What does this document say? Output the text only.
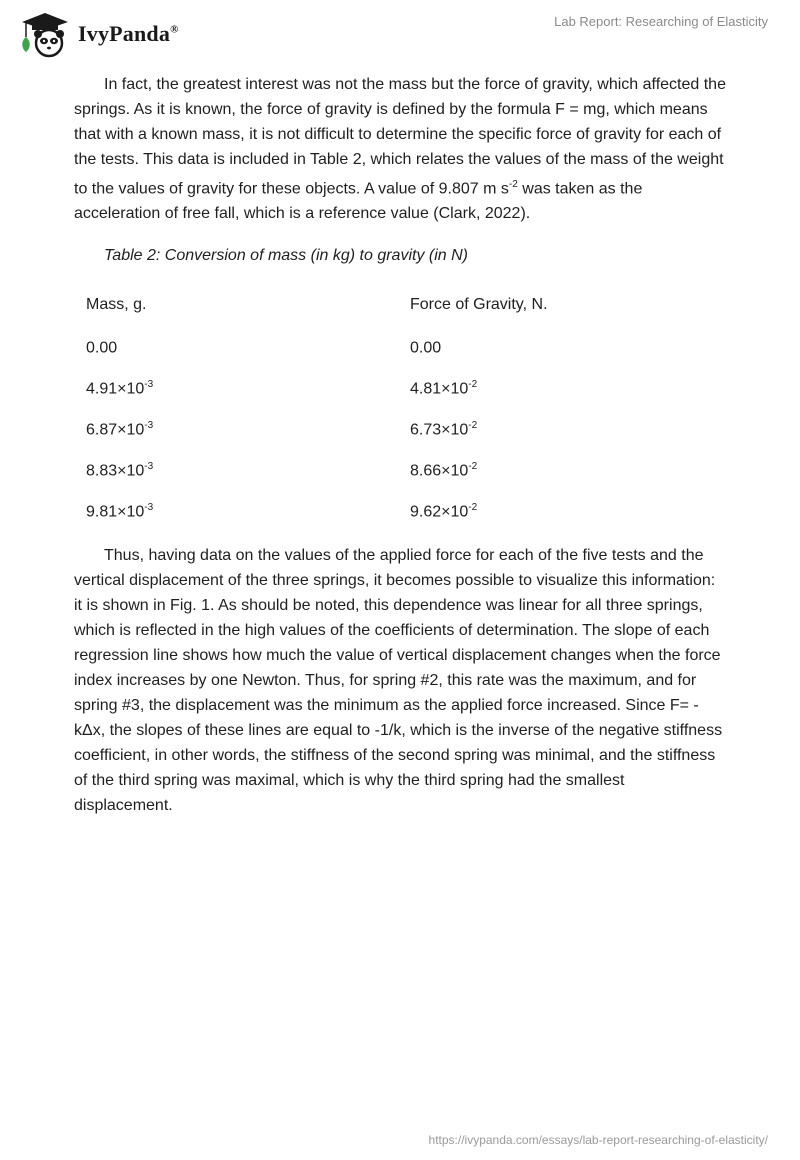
IvyPanda®
Lab Report: Researching of Elasticity

In fact, the greatest interest was not the mass but the force of gravity, which affected the springs. As it is known, the force of gravity is defined by the formula F = mg, which means that with a known mass, it is not difficult to determine the specific force of gravity for each of the tests. This data is included in Table 2, which relates the values of the mass of the weight to the values of gravity for these objects. A value of 9.807 m $s^{-2}$ was taken as the acceleration of free fall, which is a reference value (Clark, 2022).

Table 2: Conversion of mass (in kg) to gravity (in N)
Mass, g.	Force of Gravity, N.
0.00	0.00
$4.91\times 10^{-3}$	$4.81\times 10^{-2}$
$6.87\times 10^{-3}$	$6.73\times 10^{-2}$
$8.83\times 10^{-3}$	$8.66\times 10^{-2}$
$9.81\times 10^{-3}$	$9.62\times 10^{-2}$

Thus, having data on the values of the applied force for each of the five tests and the vertical displacement of the three springs, it becomes possible to visualize this information: it is shown in Fig. 1. As should be noted, this dependence was linear for all three springs, which is reflected in the high values of the coefficients of determination. The slope of each regression line shows how much the value of vertical displacement changes when the force index increases by one Newton. Thus, for spring #2, this rate was the maximum, and for spring #3, the displacement was the minimum as the applied force increased. Since F= -kΔx, the slopes of these lines are equal to -1/k, which is the inverse of the negative stiffness coefficient, in other words, the stiffness of the second spring was minimal, and the stiffness of the third spring was maximal, which is why the third spring had the smallest displacement.

https://ivypanda.com/essays/lab-report-researching-of-elasticity/
